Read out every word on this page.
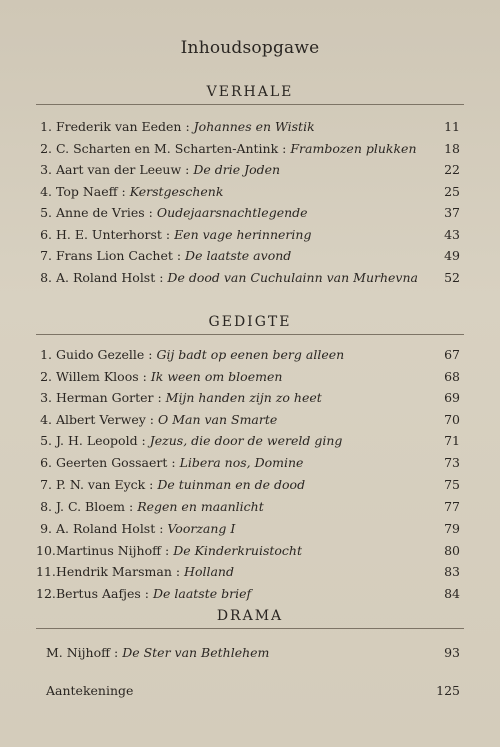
Inhoudsopgawe
VERHALE
1. Frederik van Eeden : Johannes en Wistik	11
2. C. Scharten en M. Scharten-Antink : Frambozen plukken 18
3. Aart van der Leeuw : De drie Joden	22
4. Top Naeff : Kerstgeschenk	25
5. Anne de Vries : Oudejaarsnachtlegende	37
6. H. E. Unterhorst : Een vage herinnering	43
7. Frans Lion Cachet : De laatste avond	49
8. A. Roland Holst : De dood van Cuchulainn van Murhevna 52
GEDIGTE
1. Guido Gezelle : Gij badt op eenen berg alleen	67
2. Willem Kloos : Ik ween om bloemen	68
3. Herman Gorter : Mijn handen zijn zo heet	69
4. Albert Verwey : O Man van Smarte	70
5. J. H. Leopold : Jezus, die door de wereld ging	71
6. Geerten Gossaert : Libera nos, Domine	73
7. P. N. van Eyck : De tuinman en de dood	75
8. J. C. Bloem : Regen en maanlicht	77
9. A. Roland Holst : Voorzang I	79
10.Martinus Nijhoff : De Kinderkruistocht	80
11.Hendrik Marsman : Holland	83
12.Bertus Aafjes : De laatste brief	84
DRAMA
M. Nijhoff : De Ster van Bethlehem	93
Aantekeninge	125
